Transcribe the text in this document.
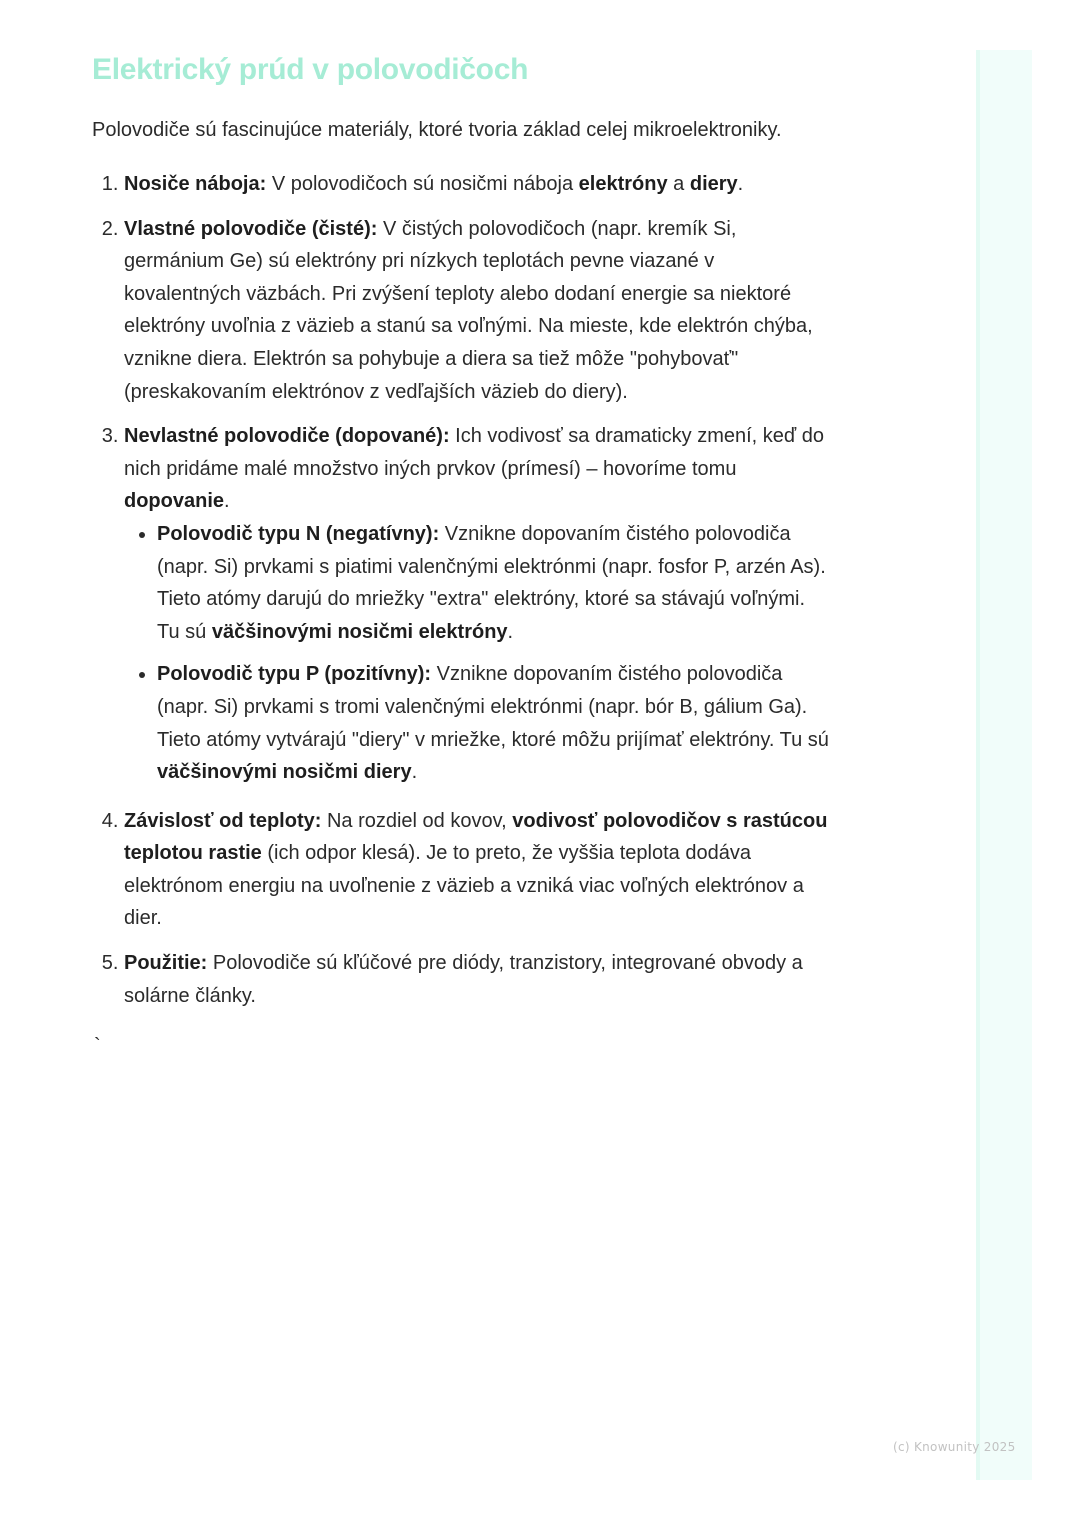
Elektrický prúd v polovodičoch

Polovodiče sú fascinujúce materiály, ktoré tvoria základ celej mikroelektroniky.

1. Nosiče náboja: V polovodičoch sú nosičmi náboja elektróny a diery.
2. Vlastné polovodiče (čisté): V čistých polovodičoch (napr. kremík Si, germánium Ge) sú elektróny pri nízkych teplotách pevne viazané v kovalentných väzbách. Pri zvýšení teploty alebo dodaní energie sa niektoré elektróny uvoľnia z väzieb a stanú sa voľnými. Na mieste, kde elektrón chýba, vznikne diera. Elektrón sa pohybuje a diera sa tiež môže "pohybovať" (preskakovaním elektrónov z vedľajších väzieb do diery).
3. Nevlastné polovodiče (dopované): Ich vodivosť sa dramaticky zmení, keď do nich pridáme malé množstvo iných prvkov (prímesí) – hovoríme tomu dopovanie.
• Polovodič typu N (negatívny): Vznikne dopovaním čistého polovodiča (napr. Si) prvkami s piatimi valenčnými elektrónmi (napr. fosfor P, arzén As). Tieto atómy darujú do mriežky "extra" elektróny, ktoré sa stávajú voľnými. Tu sú väčšinovými nosičmi elektróny.
• Polovodič typu P (pozitívny): Vznikne dopovaním čistého polovodiča (napr. Si) prvkami s tromi valenčnými elektrónmi (napr. bór B, gálium Ga). Tieto atómy vytvárajú "diery" v mriežke, ktoré môžu prijímať elektróny. Tu sú väčšinovými nosičmi diery.
4. Závislosť od teploty: Na rozdiel od kovov, vodivosť polovodičov s rastúcou teplotou rastie (ich odpor klesá). Je to preto, že vyššia teplota dodáva elektrónom energiu na uvoľnenie z väzieb a vzniká viac voľných elektrónov a dier.
5. Použitie: Polovodiče sú kľúčové pre diódy, tranzistory, integrované obvody a solárne články.
`
(c) Knowunity 2025
